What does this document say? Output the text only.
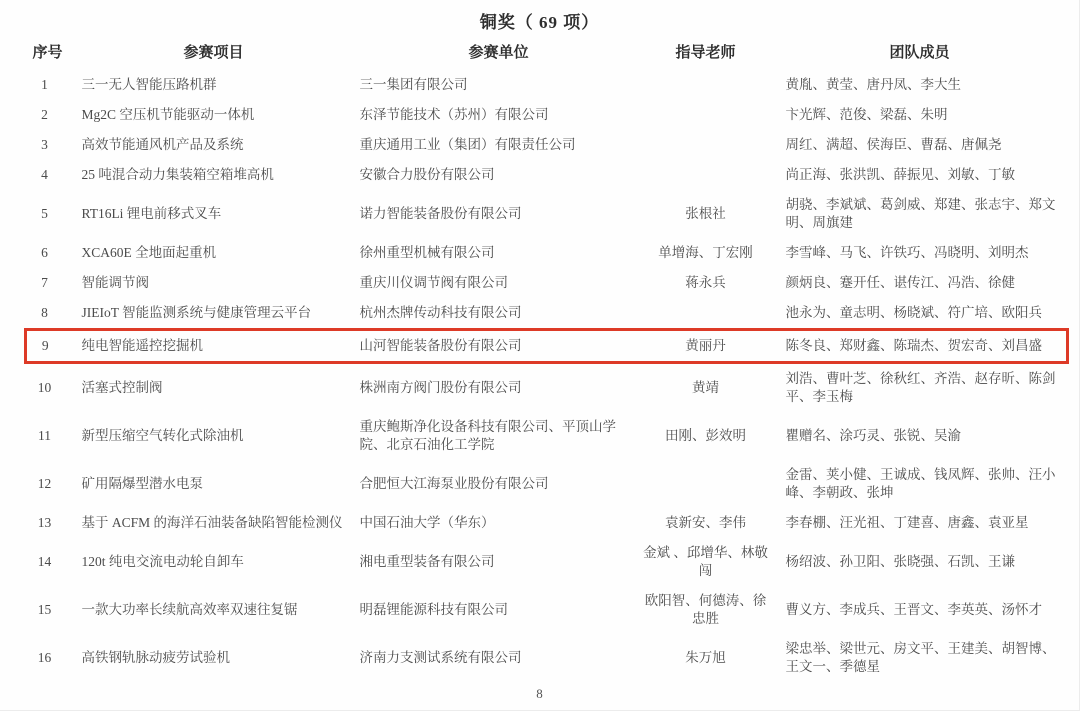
铜奖（ 69 项）
序号	参赛项目	参赛单位	指导老师	团队成员
1	三一无人智能压路机群	三一集团有限公司		黄胤、黄莹、唐丹凤、李大生
2	Mg2C 空压机节能驱动一体机	东泽节能技术（苏州）有限公司		卞光辉、范俊、梁磊、朱明
3	高效节能通风机产品及系统	重庆通用工业（集团）有限责任公司		周红、满超、侯海臣、曹磊、唐佩尧
4	25 吨混合动力集装箱空箱堆高机	安徽合力股份有限公司		尚正海、张洪凯、薛振见、刘敏、丁敏
5	RT16Li 锂电前移式叉车	诺力智能装备股份有限公司	张根社	胡骁、李斌斌、葛剑威、郑建、张志宇、郑文明、周旗建
6	XCA60E 全地面起重机	徐州重型机械有限公司	单增海、丁宏刚	李雪峰、马飞、许铁巧、冯晓明、刘明杰
7	智能调节阀	重庆川仪调节阀有限公司	蒋永兵	颜炳良、蹇开任、谌传江、冯浩、徐健
8	JIEIoT 智能监测系统与健康管理云平台	杭州杰牌传动科技有限公司		池永为、童志明、杨晓斌、符广培、欧阳兵
9	纯电智能遥控挖掘机	山河智能装备股份有限公司	黄丽丹	陈冬良、郑财鑫、陈瑞杰、贺宏奇、刘昌盛
10	活塞式控制阀	株洲南方阀门股份有限公司	黄靖	刘浩、曹叶芝、徐秋红、齐浩、赵存昕、陈剑平、李玉梅
11	新型压缩空气转化式除油机	重庆鲍斯净化设备科技有限公司、平顶山学院、北京石油化工学院	田刚、彭效明	瞿赠名、涂巧灵、张锐、吴渝
12	矿用隔爆型潜水电泵	合肥恒大江海泵业股份有限公司		金雷、荚小健、王诚成、钱凤辉、张帅、汪小峰、李朝政、张坤
13	基于 ACFM 的海洋石油装备缺陷智能检测仪	中国石油大学（华东）	袁新安、李伟	李春棚、汪光祖、丁建喜、唐鑫、袁亚星
14	120t 纯电交流电动轮自卸车	湘电重型装备有限公司	金斌 、邱增华、林敬闯	杨绍波、孙卫阳、张晓强、石凯、王谦
15	一款大功率长续航高效率双速往复锯	明磊锂能源科技有限公司	欧阳智、何德涛、徐忠胜	曹义方、李成兵、王晋文、李英英、汤怀才
16	高铁钢轨脉动疲劳试验机	济南力支测试系统有限公司	朱万旭	梁忠举、梁世元、房文平、王建美、胡智博、王文一、季德星
8
